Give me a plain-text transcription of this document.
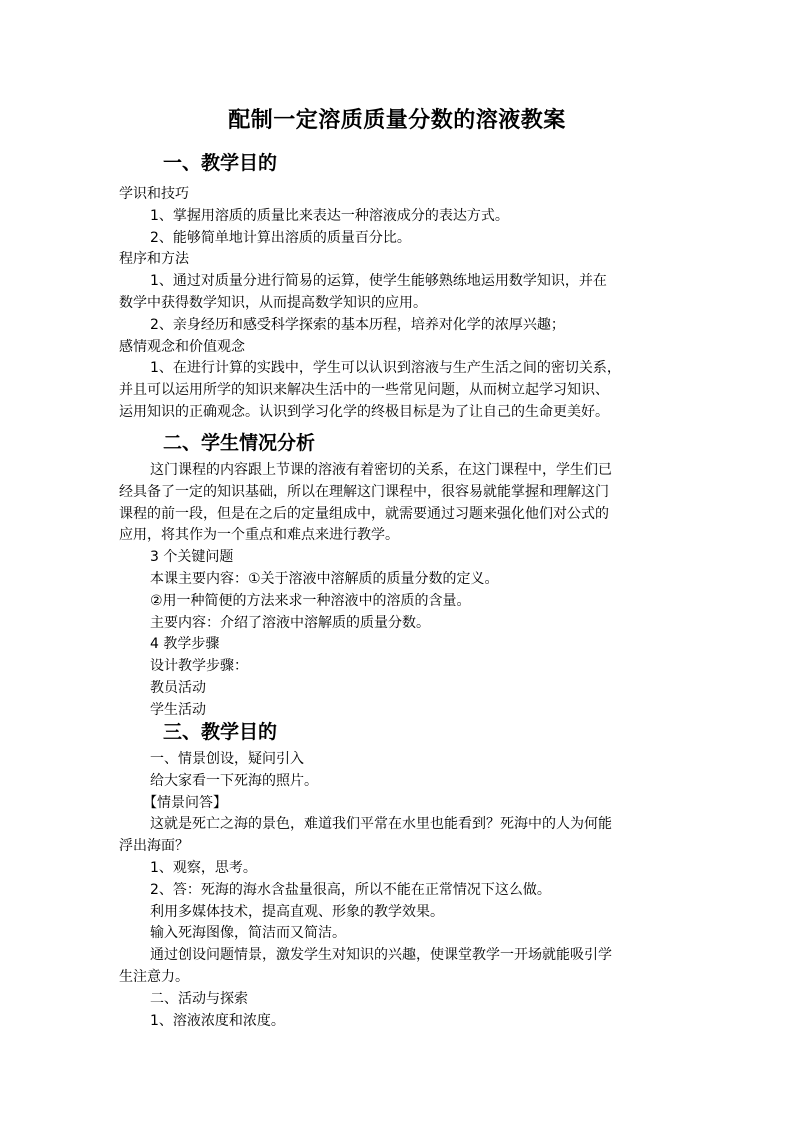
配制一定溶质质量分数的溶液教案
一、教学目的
学识和技巧
1、掌握用溶质的质量比来表达一种溶液成分的表达方式。
2、能够简单地计算出溶质的质量百分比。
程序和方法
1、通过对质量分进行简易的运算，使学生能够熟练地运用数学知识，并在
数学中获得数学知识，从而提高数学知识的应用。
2、亲身经历和感受科学探索的基本历程，培养对化学的浓厚兴趣；
感情观念和价值观念
1、在进行计算的实践中，学生可以认识到溶液与生产生活之间的密切关系，
并且可以运用所学的知识来解决生活中的一些常见问题，从而树立起学习知识、
运用知识的正确观念。认识到学习化学的终极目标是为了让自己的生命更美好。
二、学生情况分析
这门课程的内容跟上节课的溶液有着密切的关系，在这门课程中，学生们已
经具备了一定的知识基础，所以在理解这门课程中，很容易就能掌握和理解这门
课程的前一段，但是在之后的定量组成中，就需要通过习题来强化他们对公式的
应用，将其作为一个重点和难点来进行教学。
3 个关键问题
本课主要内容：①关于溶液中溶解质的质量分数的定义。
②用一种简便的方法来求一种溶液中的溶质的含量。
主要内容：介绍了溶液中溶解质的质量分数。
4 教学步骤
设计教学步骤：
教员活动
学生活动
三、教学目的
一、情景创设，疑问引入
给大家看一下死海的照片。
【情景问答】
这就是死亡之海的景色，难道我们平常在水里也能看到？死海中的人为何能
浮出海面？
1、观察，思考。
2、答：死海的海水含盐量很高，所以不能在正常情况下这么做。
利用多媒体技术，提高直观、形象的教学效果。
输入死海图像，简洁而又简洁。
通过创设问题情景，激发学生对知识的兴趣，使课堂教学一开场就能吸引学
生注意力。
二、活动与探索
1、溶液浓度和浓度。
